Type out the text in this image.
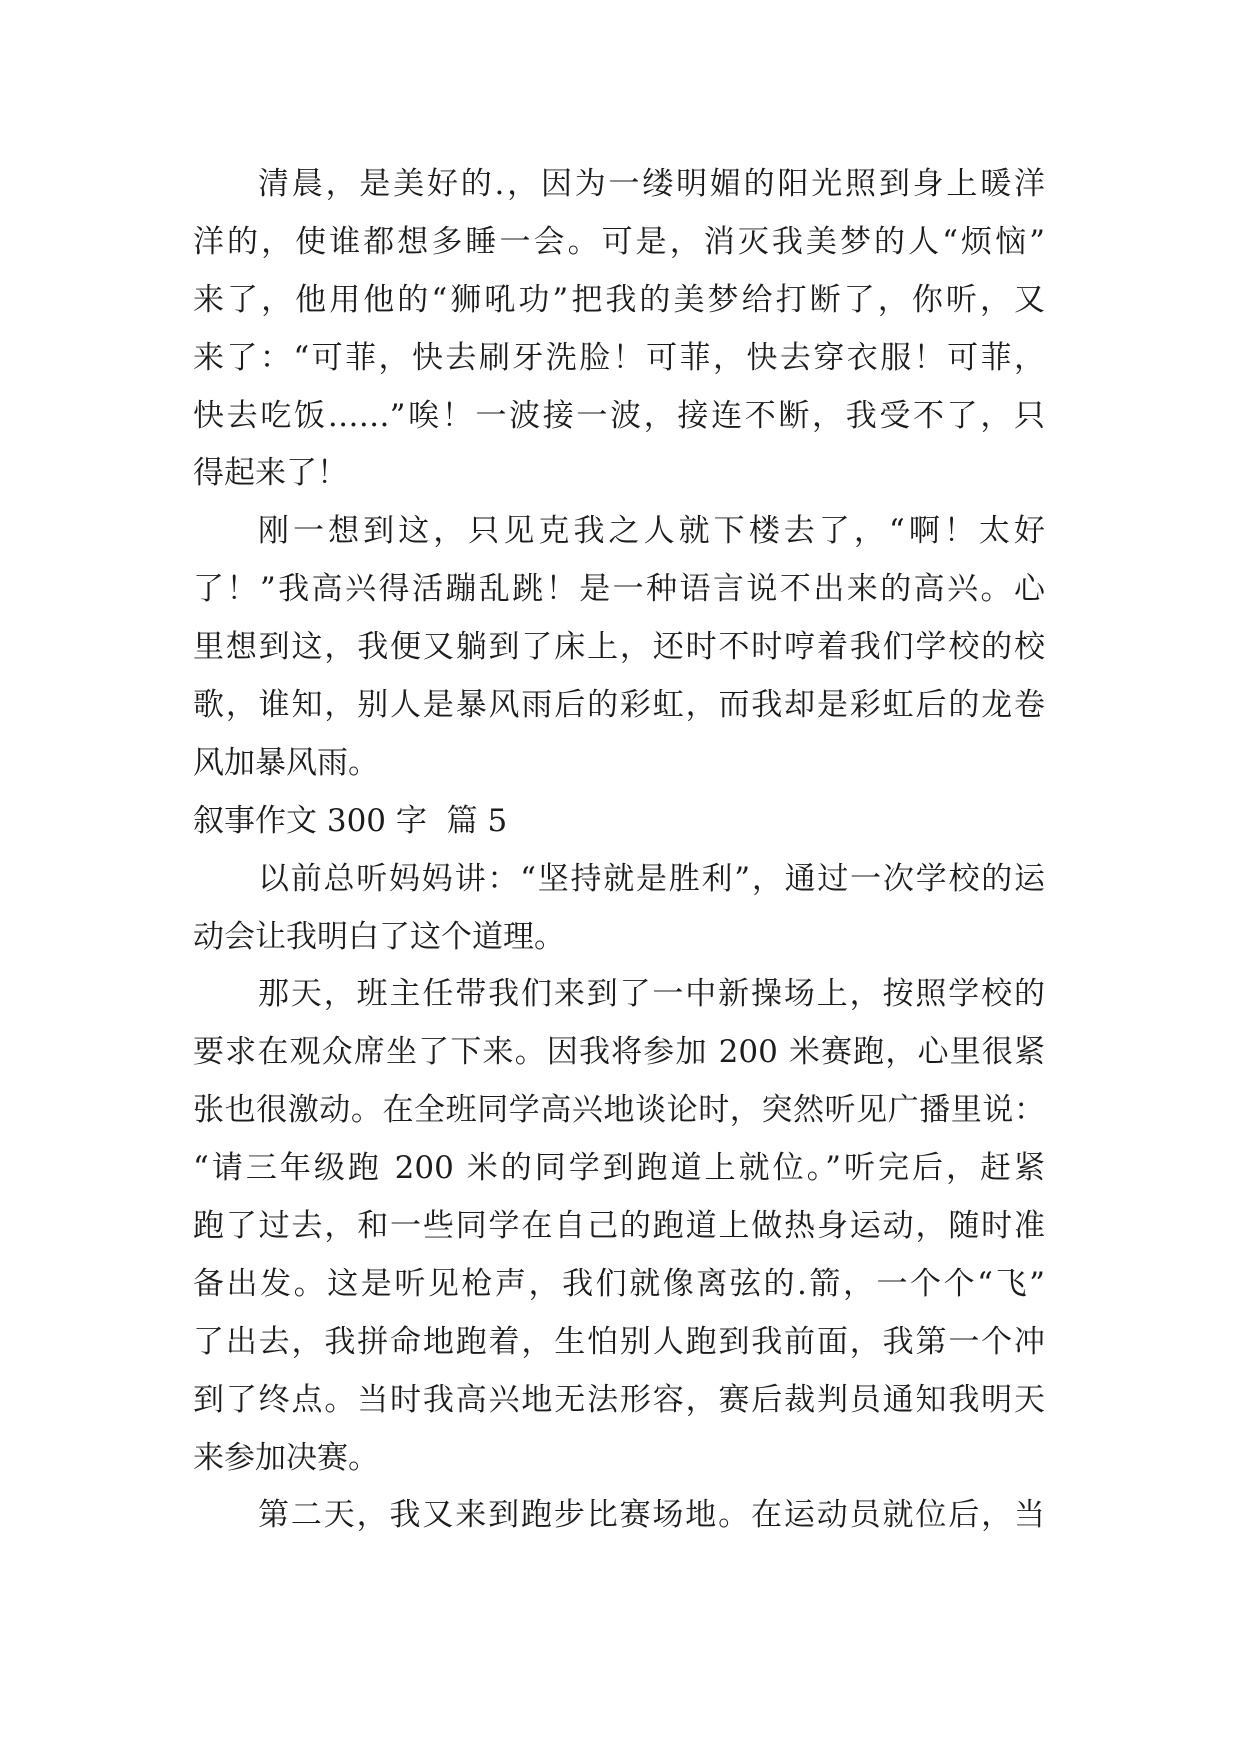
清晨，是美好的.，因为一缕明媚的阳光照到身上暖洋
洋的，使谁都想多睡一会。可是，消灭我美梦的人“烦恼”
来了，他用他的“狮吼功”把我的美梦给打断了，你听，又
来了：“可菲，快去刷牙洗脸！可菲，快去穿衣服！可菲，
快去吃饭……”唉！一波接一波，接连不断，我受不了，只
得起来了！
刚一想到这，只见克我之人就下楼去了，“啊！太好
了！”我高兴得活蹦乱跳！是一种语言说不出来的高兴。心
里想到这，我便又躺到了床上，还时不时哼着我们学校的校
歌，谁知，别人是暴风雨后的彩虹，而我却是彩虹后的龙卷
风加暴风雨。
叙事作文 300 字  篇 5
以前总听妈妈讲：“坚持就是胜利”，通过一次学校的运
动会让我明白了这个道理。
那天，班主任带我们来到了一中新操场上，按照学校的
要求在观众席坐了下来。因我将参加 200 米赛跑，心里很紧
张也很激动。在全班同学高兴地谈论时，突然听见广播里说：
“请三年级跑 200 米的同学到跑道上就位。”听完后，赶紧
跑了过去，和一些同学在自己的跑道上做热身运动，随时准
备出发。这是听见枪声，我们就像离弦的.箭，一个个“飞”
了出去，我拼命地跑着，生怕别人跑到我前面，我第一个冲
到了终点。当时我高兴地无法形容，赛后裁判员通知我明天
来参加决赛。
第二天，我又来到跑步比赛场地。在运动员就位后，当
